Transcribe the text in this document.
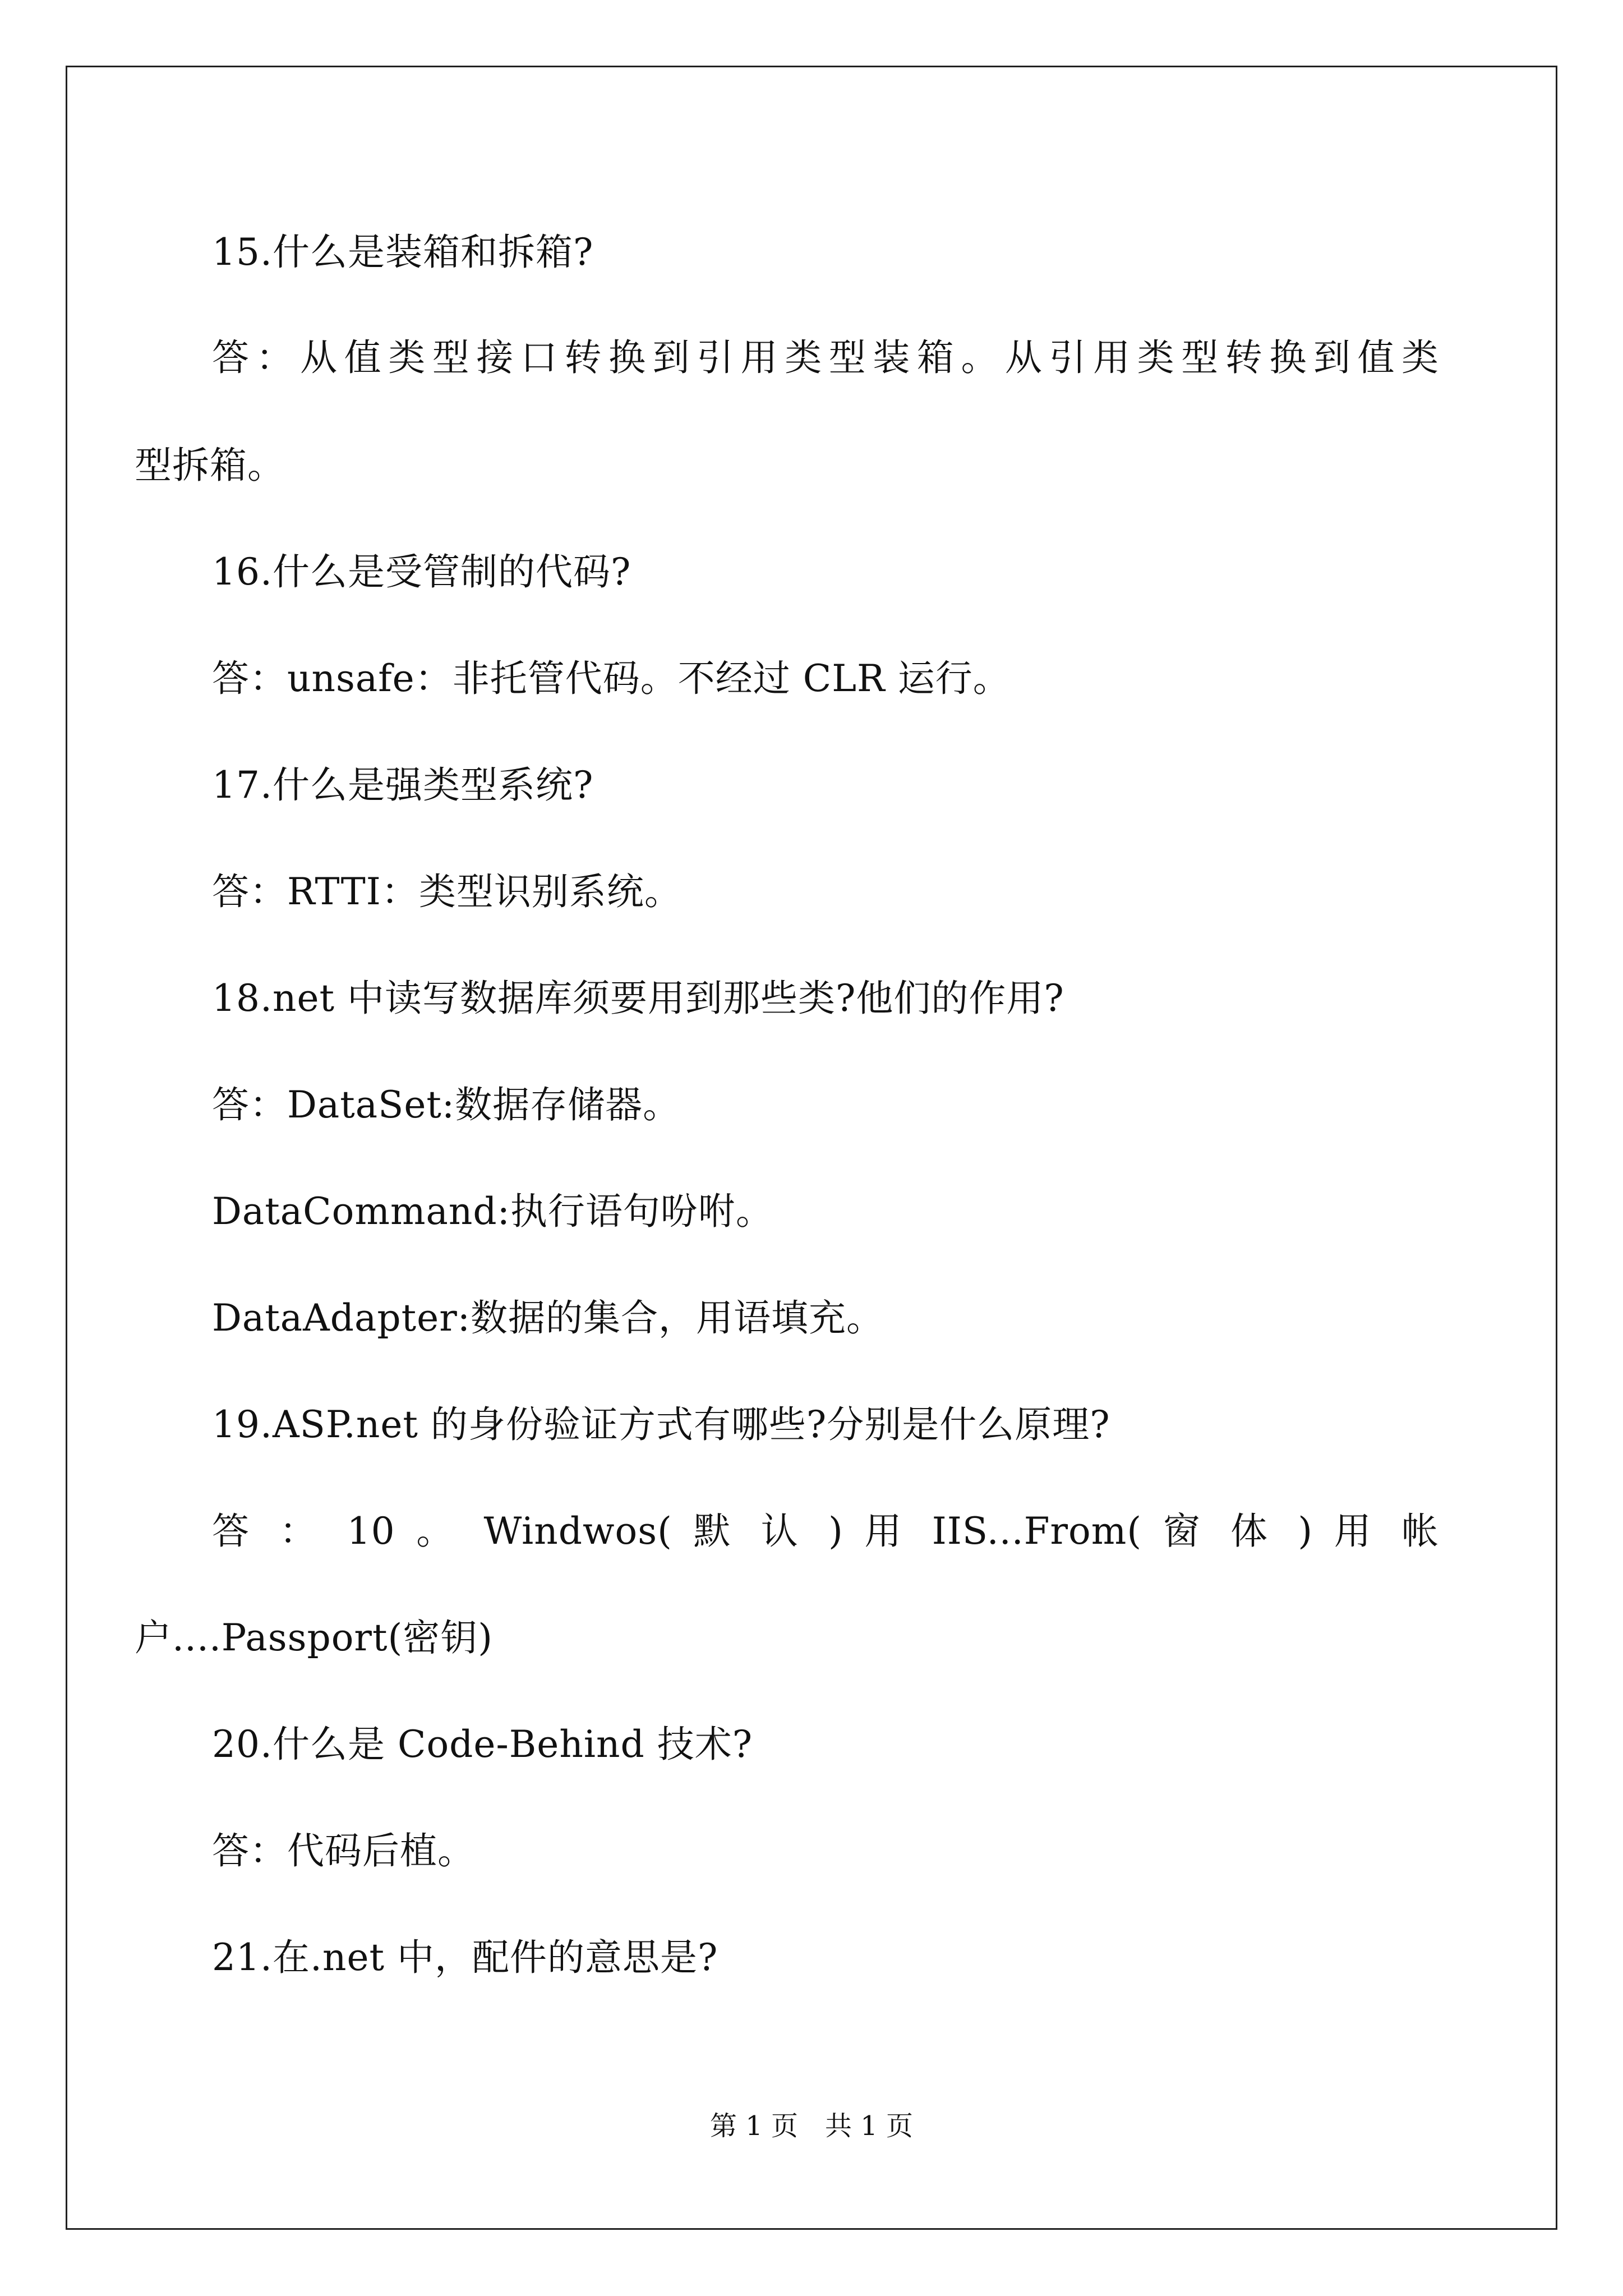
15.什么是装箱和拆箱?
答：从值类型接口转换到引用类型装箱。从引用类型转换到值类
型拆箱。
16.什么是受管制的代码?
答：unsafe：非托管代码。不经过 CLR 运行。
17.什么是强类型系统?
答：RTTI：类型识别系统。
18.net 中读写数据库须要用到那些类?他们的作用?
答：DataSet:数据存储器。
DataCommand:执行语句吩咐。
DataAdapter:数据的集合，用语填充。
19.ASP.net 的身份验证方式有哪些?分别是什么原理?
答 ： 10 。 Windwos( 默 认 ) 用 IIS...From( 窗 体 ) 用 帐
户....Passport(密钥)
20.什么是 Code-Behind 技术?
答：代码后植。
21.在.net 中，配件的意思是?
第 1 页　共 1 页
